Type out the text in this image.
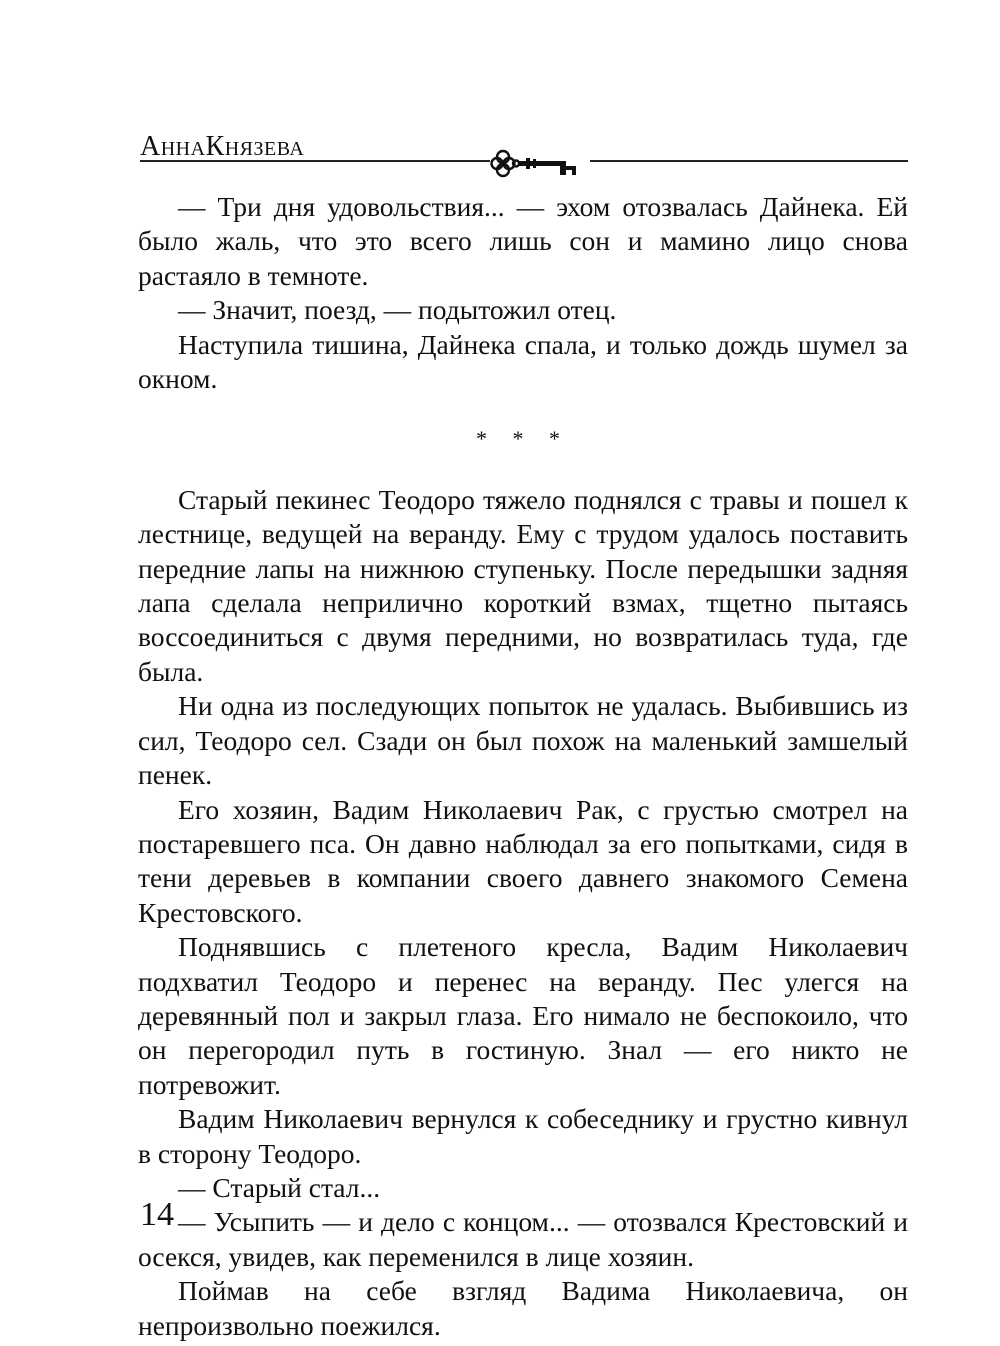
АннаКнязева

— Три дня удовольствия... — эхом отозвалась Дайнека. Ей было жаль, что это всего лишь сон и мамино лицо снова растаяло в темноте.

— Значит, поезд, — подытожил отец.

Наступила тишина, Дайнека спала, и только дождь шумел за окном.

* * *

Старый пекинес Теодоро тяжело поднялся с травы и пошел к лестнице, ведущей на веранду. Ему с трудом удалось поставить передние лапы на нижнюю ступеньку. После передышки задняя лапа сделала неприлично короткий взмах, тщетно пытаясь воссоединиться с двумя передними, но возвратилась туда, где была.

Ни одна из последующих попыток не удалась. Выбившись из сил, Теодоро сел. Сзади он был похож на маленький замшелый пенек.

Его хозяин, Вадим Николаевич Рак, с грустью смотрел на постаревшего пса. Он давно наблюдал за его попытками, сидя в тени деревьев в компании своего давнего знакомого Семена Крестовского.

Поднявшись с плетеного кресла, Вадим Николаевич подхватил Теодоро и перенес на веранду. Пес улегся на деревянный пол и закрыл глаза. Его нимало не беспокоило, что он перегородил путь в гостиную. Знал — его никто не потревожит.

Вадим Николаевич вернулся к собеседнику и грустно кивнул в сторону Теодоро.

— Старый стал...

— Усыпить — и дело с концом... — отозвался Крестовский и осекся, увидев, как переменился в лице хозяин.

Поймав на себе взгляд Вадима Николаевича, он непроизвольно поежился.

14
